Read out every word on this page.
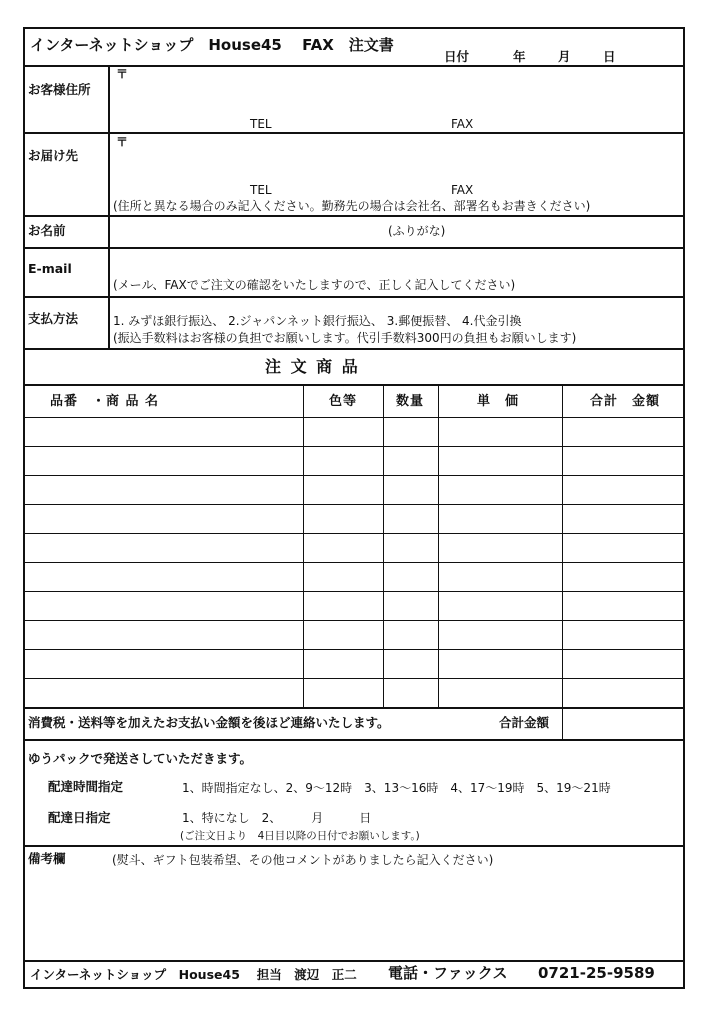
インターネットショップ　House45　 FAX　注文書
日付	年	月	日
お客様住所
〒
TEL	FAX
お届け先
〒
TEL	FAX
(住所と異なる場合のみ記入ください。勤務先の場合は会社名、部署名もお書きください)
お名前	(ふりがな)
E-mail
(メール、FAXでご注文の確認をいたしますので、正しく記入してください)
支払方法	1. みずほ銀行振込、 2.ジャパンネット銀行振込、 3.郵便振替、 4.代金引換
(振込手数料はお客様の負担でお願いします。代引手数料300円の負担もお願いします)
注 文 商 品
品番　・商 品 名	色等	数量	単　価	合計　金額
消費税・送料等を加えたお支払い金額を後ほど連絡いたします。	合計金額
ゆうパックで発送さしていただきます。
配達時間指定	1、時間指定なし、2、9～12時　3、13～16時　4、17～19時　5、19～21時
配達日指定	1、特になし　2、　　　月　　　日
(ご注文日より　4日目以降の日付でお願いします。)
備考欄	(熨斗、ギフト包装希望、その他コメントがありましたら記入ください)
インターネットショップ　House45　 担当　渡辺　正二 電話・ファックス 0721-25-9589
